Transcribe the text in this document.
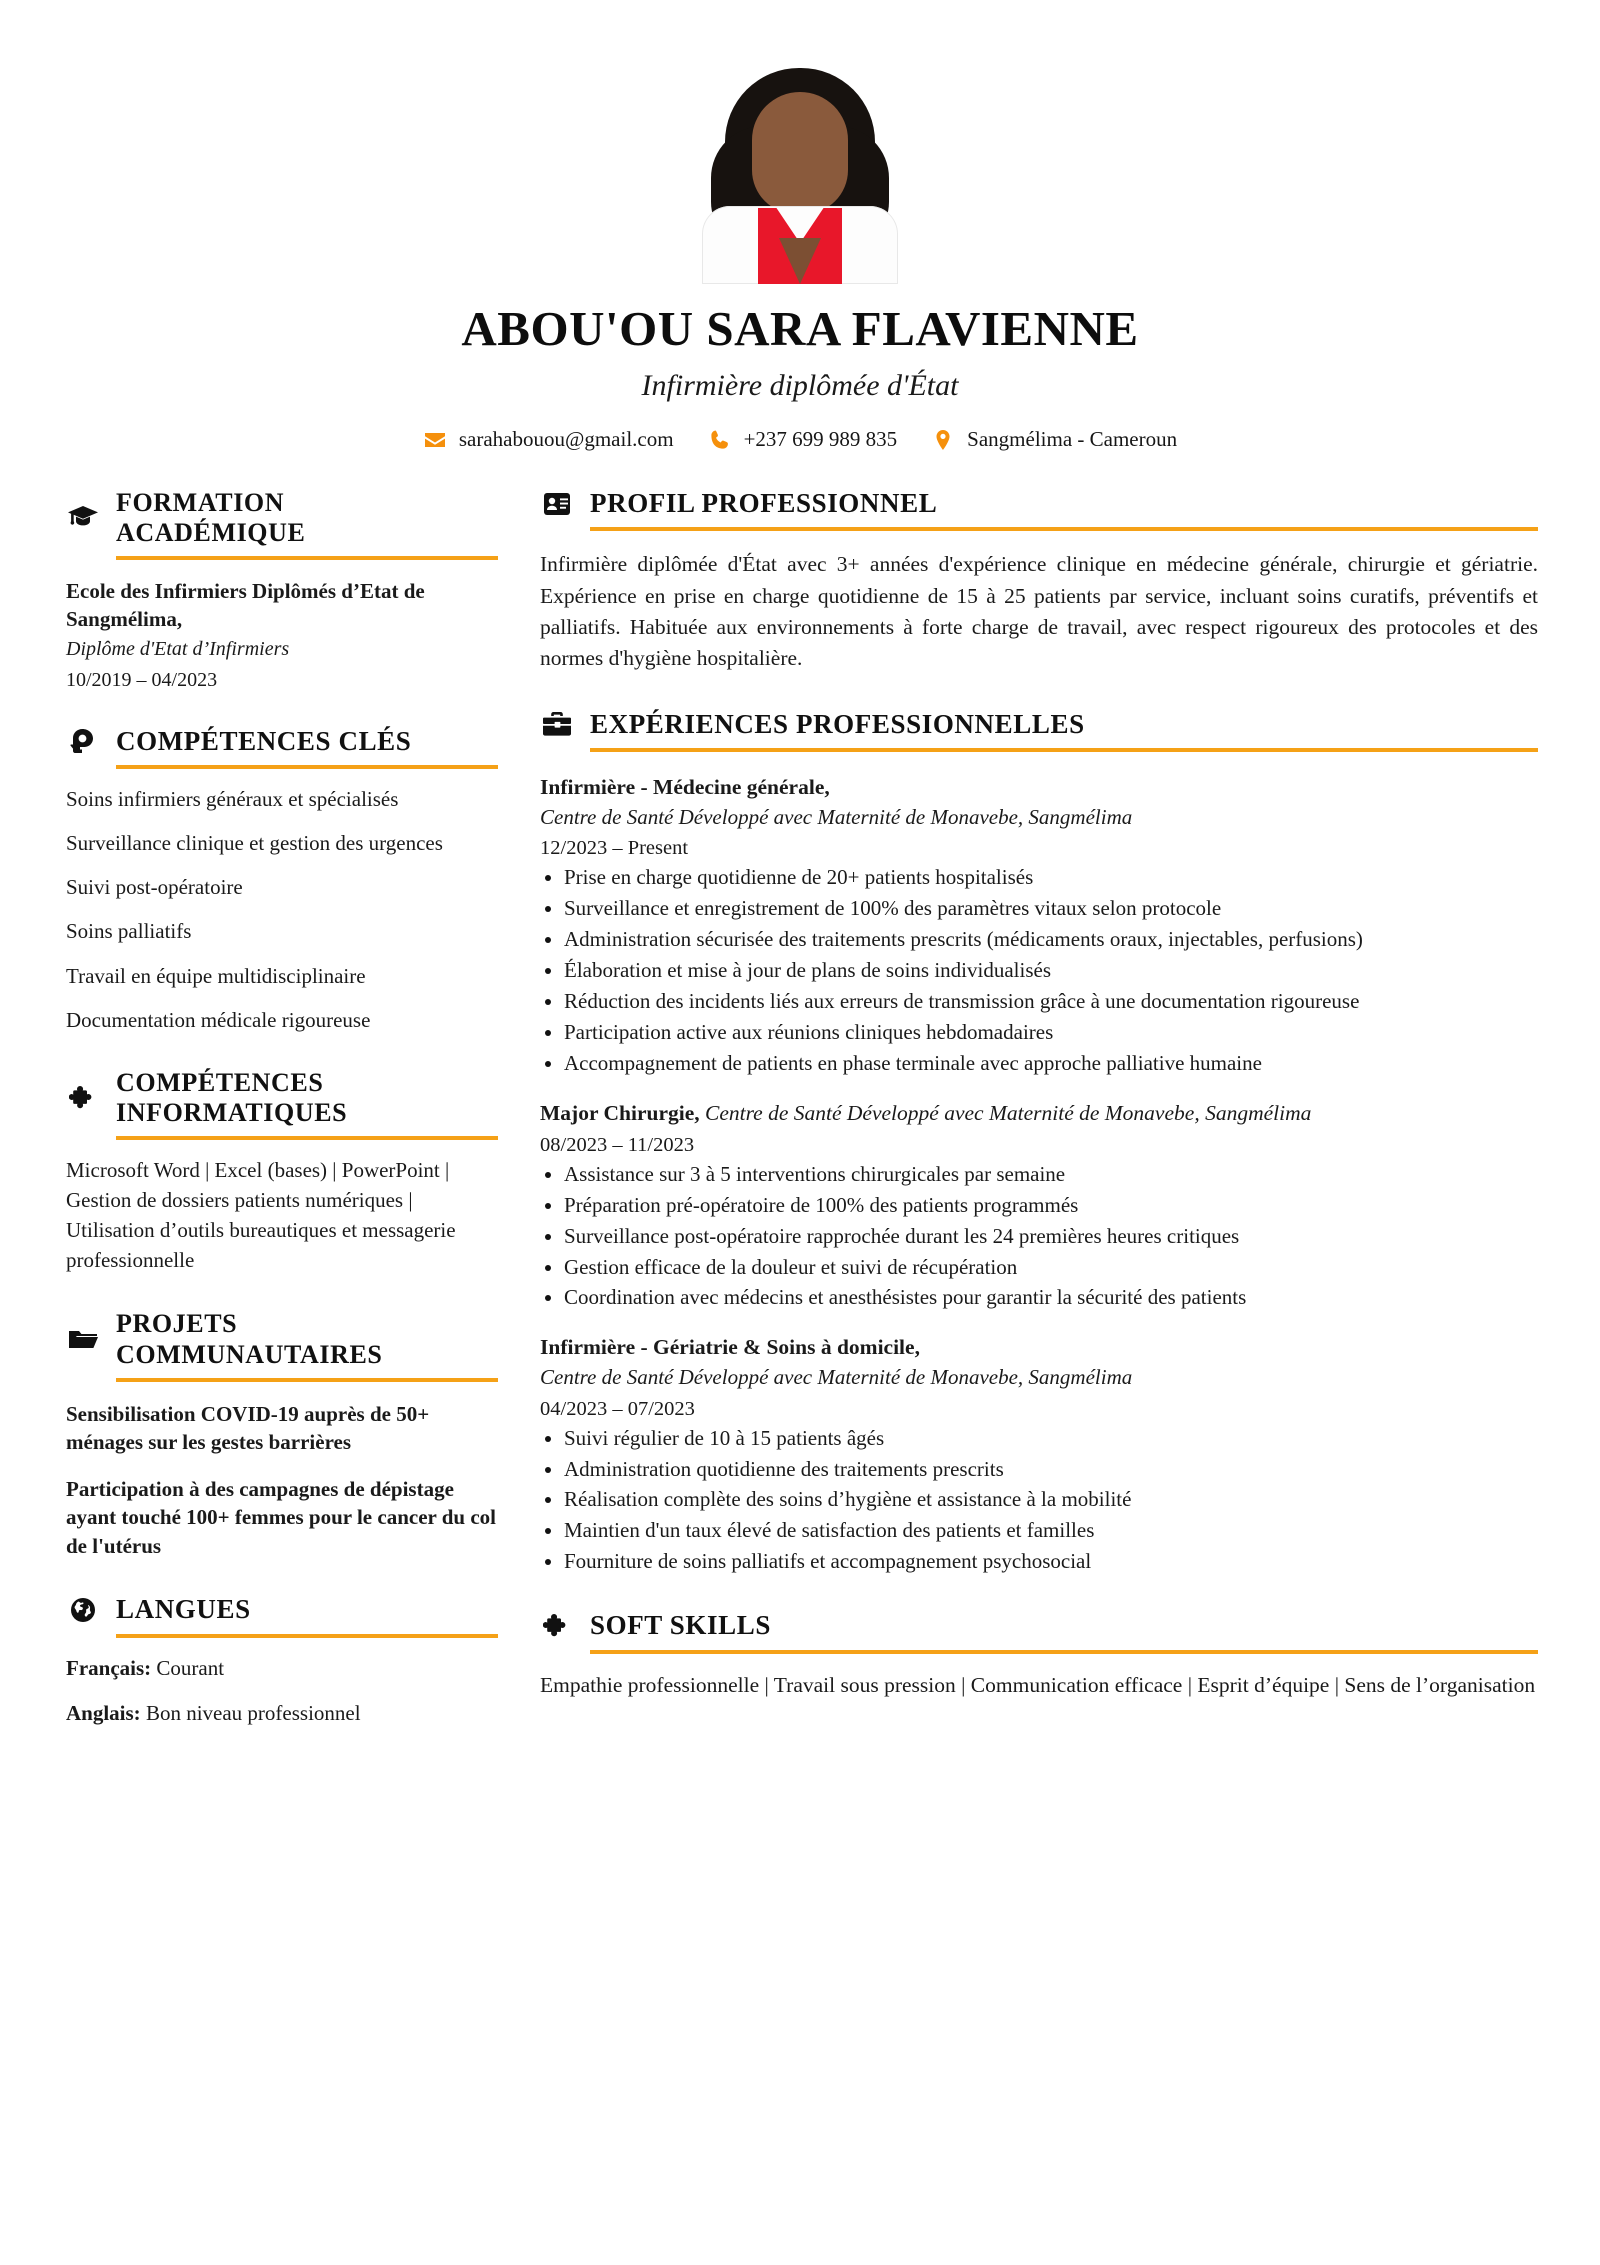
ABOU'OU SARA FLAVIENNE
Infirmière diplômée d'État
sarahabouou@gmail.com	+237 699 989 835	Sangmélima - Cameroun
FORMATION
ACADÉMIQUE
Ecole des Infirmiers Diplômés d’Etat de Sangmélima,
Diplôme d'Etat d’Infirmiers
10/2019 – 04/2023
COMPÉTENCES CLÉS
Soins infirmiers généraux et spécialisés
Surveillance clinique et gestion des urgences
Suivi post-opératoire
Soins palliatifs
Travail en équipe multidisciplinaire
Documentation médicale rigoureuse
COMPÉTENCES
INFORMATIQUES
Microsoft Word | Excel (bases) | PowerPoint | Gestion de dossiers patients numériques | Utilisation d’outils bureautiques et messagerie professionnelle
PROJETS
COMMUNAUTAIRES
Sensibilisation COVID-19 auprès de 50+ ménages sur les gestes barrières
Participation à des campagnes de dépistage ayant touché 100+ femmes pour le cancer du col de l'utérus
LANGUES
Français: Courant
Anglais: Bon niveau professionnel
PROFIL PROFESSIONNEL
Infirmière diplômée d'État avec 3+ années d'expérience clinique en médecine générale, chirurgie et gériatrie. Expérience en prise en charge quotidienne de 15 à 25 patients par service, incluant soins curatifs, préventifs et palliatifs. Habituée aux environnements à forte charge de travail, avec respect rigoureux des protocoles et des normes d'hygiène hospitalière.
EXPÉRIENCES PROFESSIONNELLES
Infirmière - Médecine générale,
Centre de Santé Développé avec Maternité de Monavebe, Sangmélima
12/2023 – Present
Prise en charge quotidienne de 20+ patients hospitalisés
Surveillance et enregistrement de 100% des paramètres vitaux selon protocole
Administration sécurisée des traitements prescrits (médicaments oraux, injectables, perfusions)
Élaboration et mise à jour de plans de soins individualisés
Réduction des incidents liés aux erreurs de transmission grâce à une documentation rigoureuse
Participation active aux réunions cliniques hebdomadaires
Accompagnement de patients en phase terminale avec approche palliative humaine
Major Chirurgie, Centre de Santé Développé avec Maternité de Monavebe, Sangmélima
08/2023 – 11/2023
Assistance sur 3 à 5 interventions chirurgicales par semaine
Préparation pré-opératoire de 100% des patients programmés
Surveillance post-opératoire rapprochée durant les 24 premières heures critiques
Gestion efficace de la douleur et suivi de récupération
Coordination avec médecins et anesthésistes pour garantir la sécurité des patients
Infirmière - Gériatrie & Soins à domicile,
Centre de Santé Développé avec Maternité de Monavebe, Sangmélima
04/2023 – 07/2023
Suivi régulier de 10 à 15 patients âgés
Administration quotidienne des traitements prescrits
Réalisation complète des soins d’hygiène et assistance à la mobilité
Maintien d'un taux élevé de satisfaction des patients et familles
Fourniture de soins palliatifs et accompagnement psychosocial
SOFT SKILLS
Empathie professionnelle | Travail sous pression | Communication efficace | Esprit d’équipe | Sens de l’organisation
